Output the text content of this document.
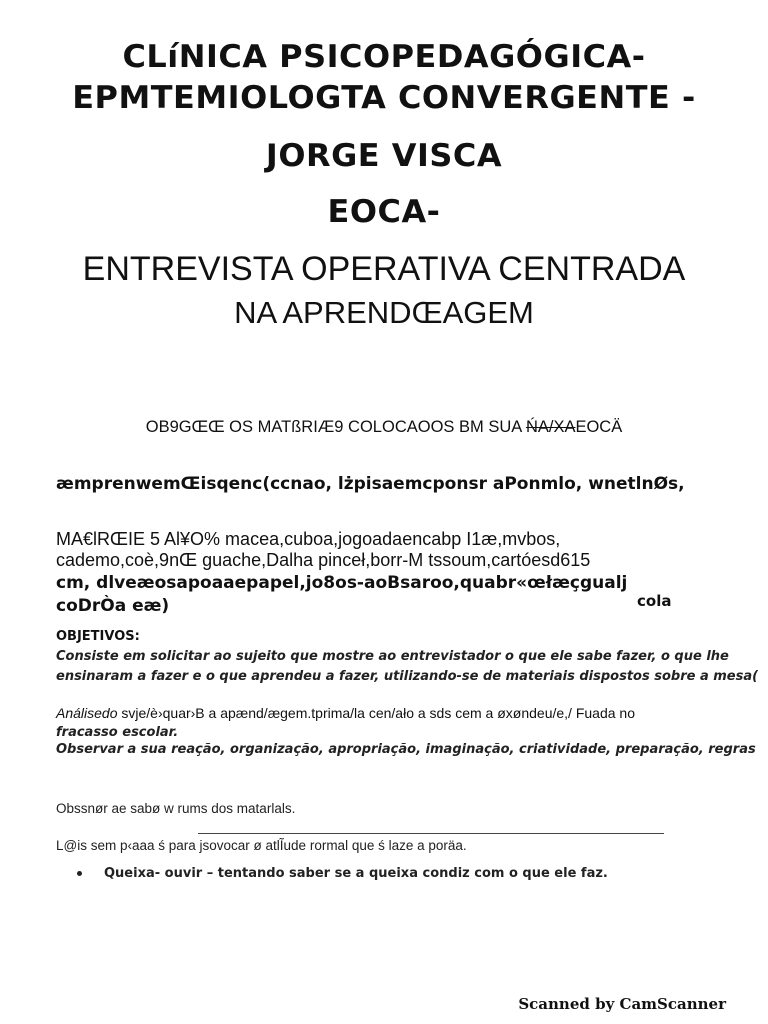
CLíNICA PSICOPEDAGÓGICA-
EPMTEMIOLOGTA CONVERGENTE -
JORGE VISCA
EOCA-
ENTREVISTA OPERATIVA CENTRADA
NA APRENDŒAGEM
OB9GŒŒ OS MATßRIÆ9 COLOCAOOS BM SUA ŃA/XAEOCÄ
æmprenwemŒisqenc(ccnao, lżpisaemcponsr aPonmlo, wnetlnØs,
MA€lRŒIE 5 Al¥O% macea,cuboa,jogoadaencabp I1æ,mvbos,
cademo,coè,9nŒ guache,Dalha pinceł,borr-M tssoum,cartóesd615
cm, dlveæosapoaaepapel,jo8os-aoBsaroo,quabr«œłæçgualj
coDrÒa eæ)	cola
OBJETIVOS:
Consiste em solicitar ao sujeito que mostre ao entrevistador o que ele sabe fazer, o que lhe
ensinaram a fazer e o que aprendeu a fazer, utilizando-se de materiais dispostos sobre a mesa(
Análisedo svje/è›quar›B a apænd/ægem.tprima/la cen/ało a sds cem a øxøndeu/e,/ Fuada no
fracasso escolar.
Observar a sua reação, organização, apropriação, imaginação, criatividade, preparação, regras
Obssnør ae sabø w rums dos matarlals.
L@is sem p‹aaa ś para jsovocar ø atlĨude rormal que ś laze a poräa.
Queixa- ouvir – tentando saber se a queixa condiz com o que ele faz.
Scanned by CamScanner
